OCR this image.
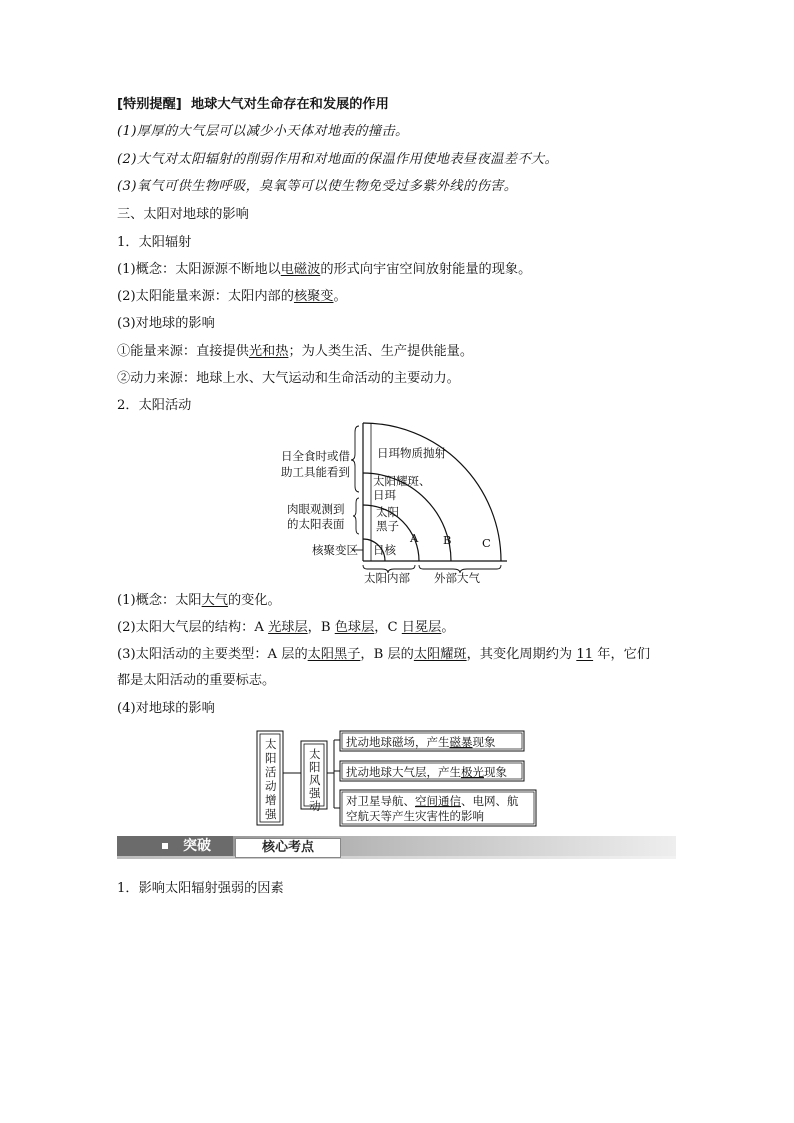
[特别提醒] 地球大气对生命存在和发展的作用
(1)厚厚的大气层可以减少小天体对地表的撞击。
(2)大气对太阳辐射的削弱作用和对地面的保温作用使地表昼夜温差不大。
(3)氧气可供生物呼吸，臭氧等可以使生物免受过多紫外线的伤害。
三、太阳对地球的影响
1．太阳辐射
(1)概念：太阳源源不断地以电磁波的形式向宇宙空间放射能量的现象。
(2)太阳能量来源：太阳内部的核聚变。
(3)对地球的影响
①能量来源：直接提供光和热；为人类生活、生产提供能量。
②动力来源：地球上水、大气运动和生命活动的主要动力。
2．太阳活动
日全食时或借
助工具能看到
肉眼观测到
的太阳表面
核聚变区 日核
日珥物质抛射
太阳耀斑、
日珥
太阳
黑子
A B	C
太阳内部 外部大气
(1)概念：太阳大气的变化。
(2)太阳大气层的结构：A 光球层，B 色球层，C 日冕层。
(3)太阳活动的主要类型：A 层的太阳黑子，B 层的太阳耀斑，其变化周期约为 11 年，它们
都是太阳活动的重要标志。
(4)对地球的影响
太
阳
活
动
增
强
太
阳
风
强
动
扰动地球磁场，产生磁暴现象
扰动地球大气层，产生极光现象
对卫星导航、空间通信、电网、航
空航天等产生灾害性的影响
突破	核心考点
1．影响太阳辐射强弱的因素
